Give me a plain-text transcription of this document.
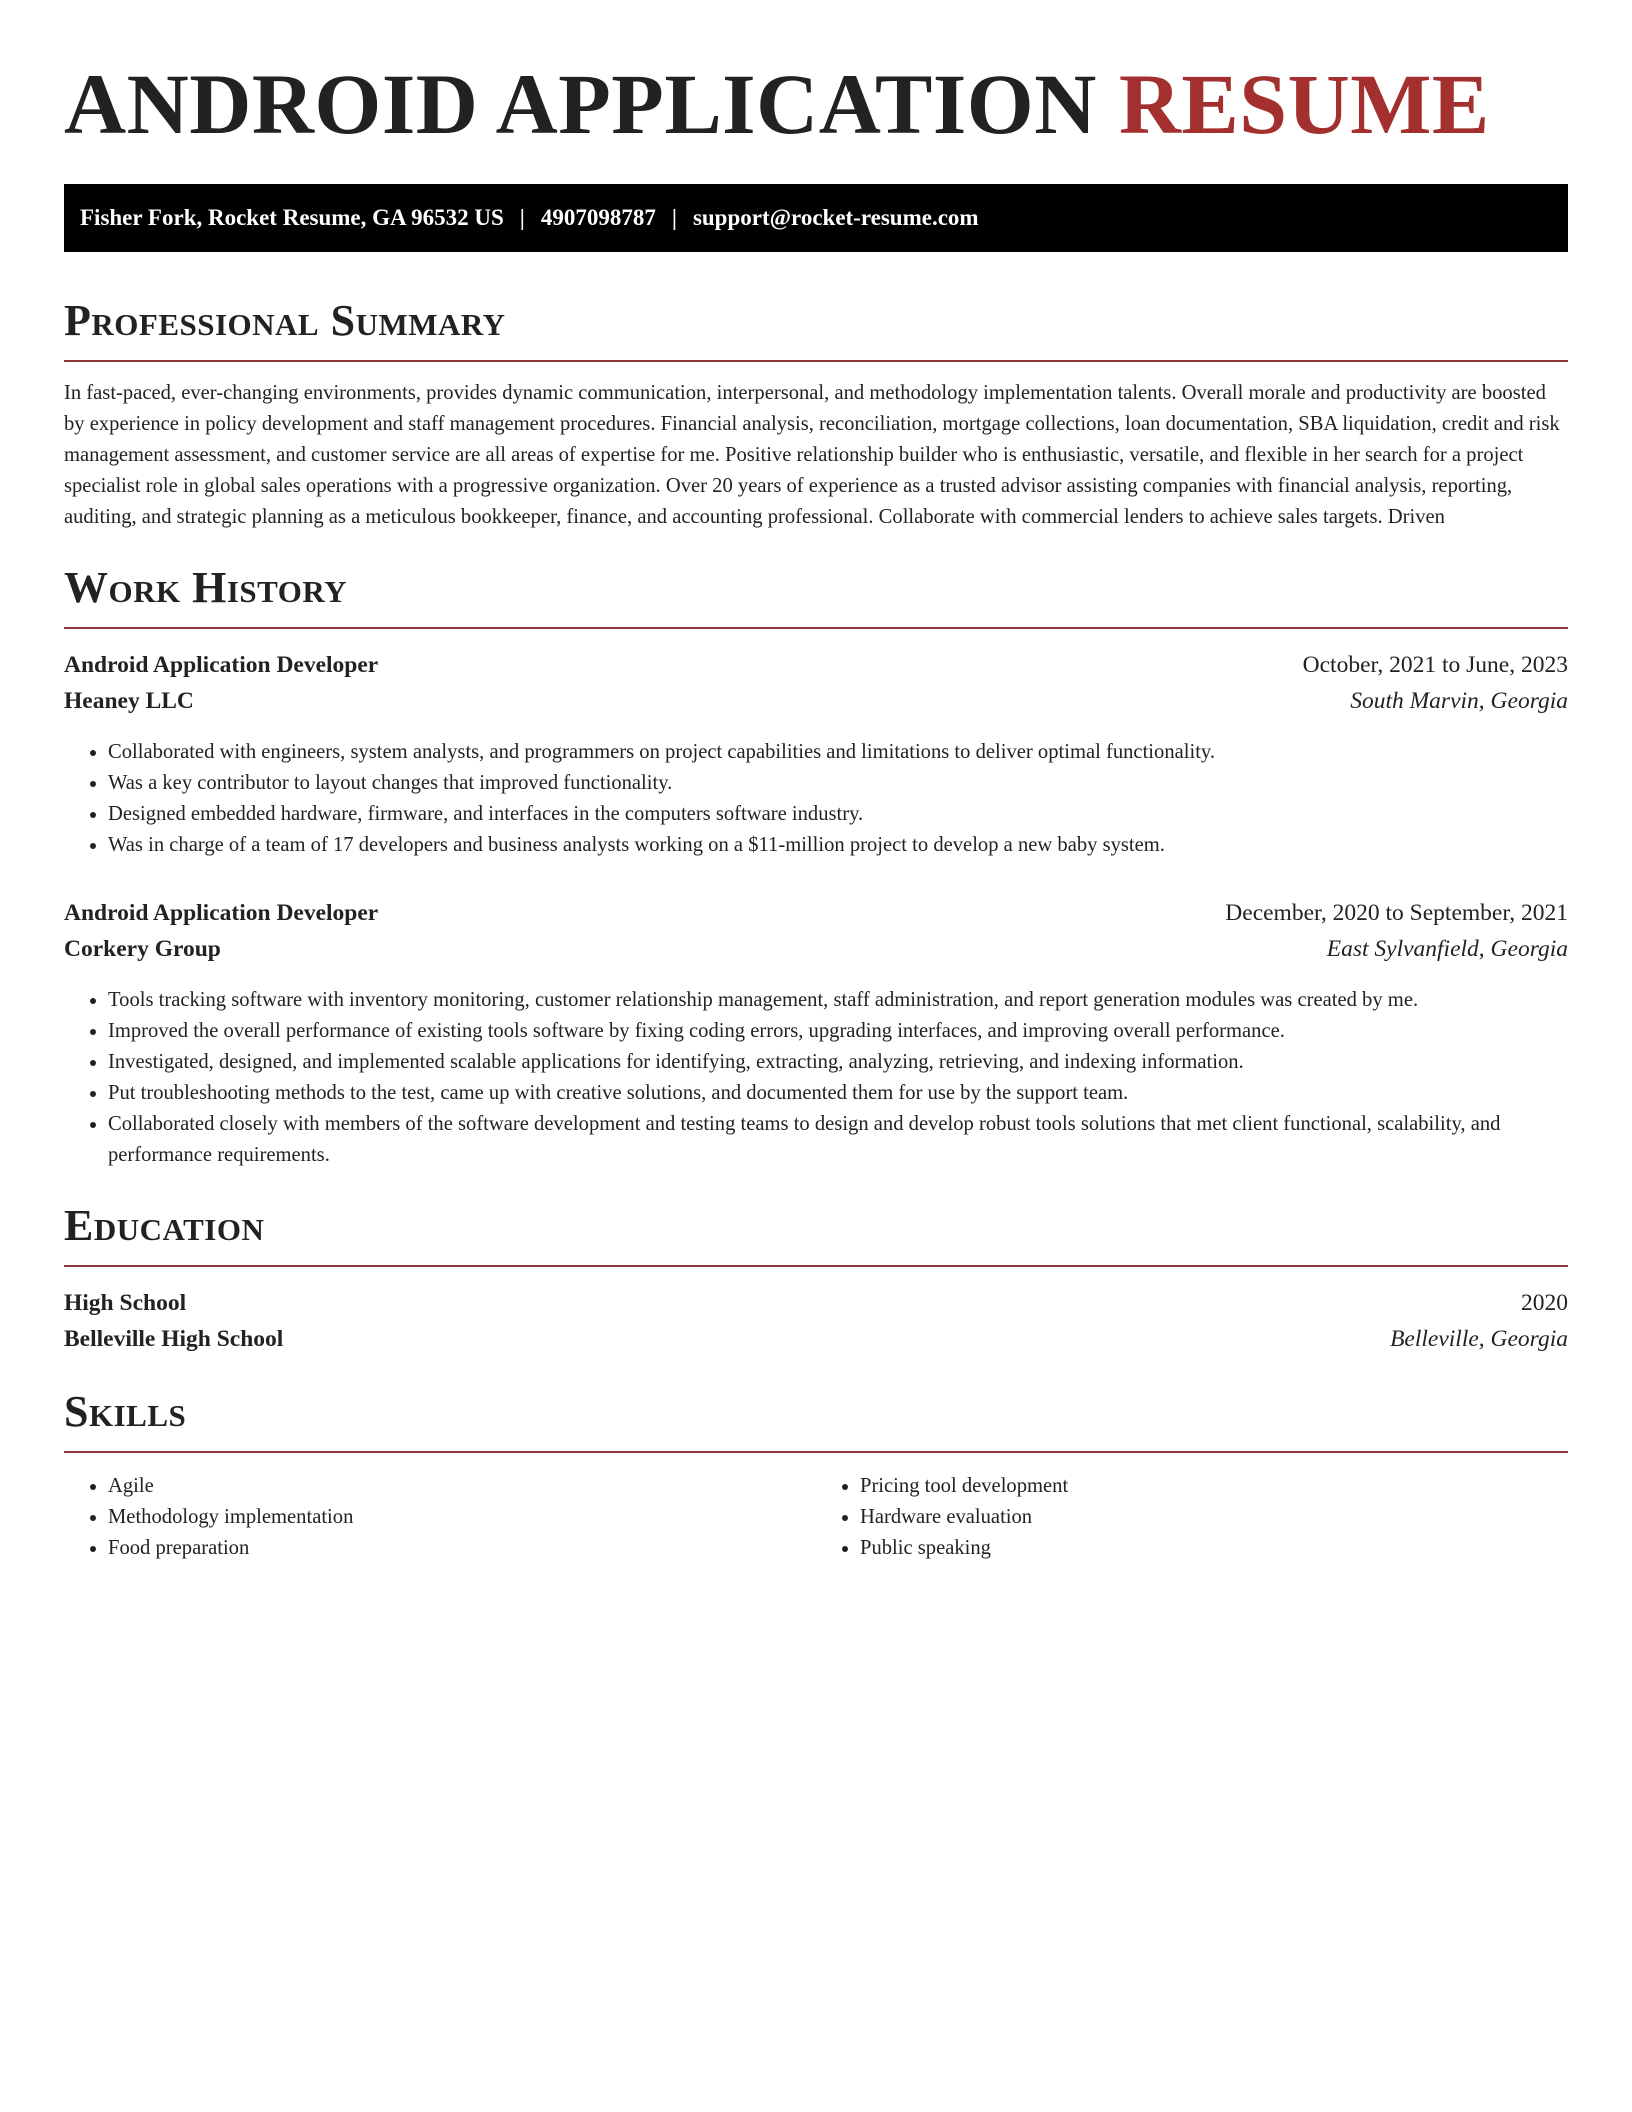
ANDROID APPLICATION RESUME
Fisher Fork, Rocket Resume, GA 96532 US | 4907098787 | support@rocket-resume.com
Professional Summary

In fast-paced, ever-changing environments, provides dynamic communication, interpersonal, and methodology implementation talents. Overall morale and productivity are boosted by experience in policy development and staff management procedures. Financial analysis, reconciliation, mortgage collections, loan documentation, SBA liquidation, credit and risk management assessment, and customer service are all areas of expertise for me. Positive relationship builder who is enthusiastic, versatile, and flexible in her search for a project specialist role in global sales operations with a progressive organization. Over 20 years of experience as a trusted advisor assisting companies with financial analysis, reporting, auditing, and strategic planning as a meticulous bookkeeper, finance, and accounting professional. Collaborate with commercial lenders to achieve sales targets. Driven

Work History
Android Application Developer	October, 2021 to June, 2023
Heaney LLC	South Marvin, Georgia
• Collaborated with engineers, system analysts, and programmers on project capabilities and limitations to deliver optimal functionality.
• Was a key contributor to layout changes that improved functionality.
• Designed embedded hardware, firmware, and interfaces in the computers software industry.
• Was in charge of a team of 17 developers and business analysts working on a $11-million project to develop a new baby system.
Android Application Developer	December, 2020 to September, 2021
Corkery Group	East Sylvanfield, Georgia
• Tools tracking software with inventory monitoring, customer relationship management, staff administration, and report generation modules was created by me.
• Improved the overall performance of existing tools software by fixing coding errors, upgrading interfaces, and improving overall performance.
• Investigated, designed, and implemented scalable applications for identifying, extracting, analyzing, retrieving, and indexing information.
• Put troubleshooting methods to the test, came up with creative solutions, and documented them for use by the support team.
• Collaborated closely with members of the software development and testing teams to design and develop robust tools solutions that met client functional, scalability, and performance requirements.
Education
High School	2020
Belleville High School	Belleville, Georgia
Skills
• Agile
• Methodology implementation
• Food preparation
• Pricing tool development
• Hardware evaluation
• Public speaking
